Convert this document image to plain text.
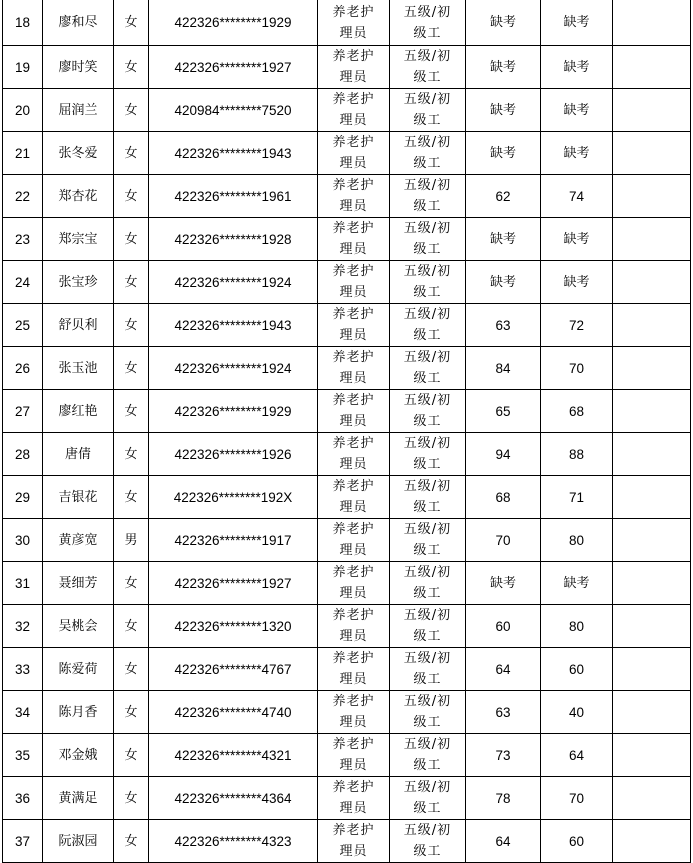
18	廖和尽	女	422326********1929	养老护理员	五级/初级工	缺考	缺考	
19	廖时笑	女	422326********1927	养老护理员	五级/初级工	缺考	缺考	
20	屈润兰	女	420984********7520	养老护理员	五级/初级工	缺考	缺考	
21	张冬爱	女	422326********1943	养老护理员	五级/初级工	缺考	缺考	
22	郑杏花	女	422326********1961	养老护理员	五级/初级工	62	74	
23	郑宗宝	女	422326********1928	养老护理员	五级/初级工	缺考	缺考	
24	张宝珍	女	422326********1924	养老护理员	五级/初级工	缺考	缺考	
25	舒贝利	女	422326********1943	养老护理员	五级/初级工	63	72	
26	张玉池	女	422326********1924	养老护理员	五级/初级工	84	70	
27	廖红艳	女	422326********1929	养老护理员	五级/初级工	65	68	
28	唐倩	女	422326********1926	养老护理员	五级/初级工	94	88	
29	吉银花	女	422326********192X	养老护理员	五级/初级工	68	71	
30	黄彦宽	男	422326********1917	养老护理员	五级/初级工	70	80	
31	聂细芳	女	422326********1927	养老护理员	五级/初级工	缺考	缺考	
32	吴桃会	女	422326********1320	养老护理员	五级/初级工	60	80	
33	陈爱荷	女	422326********4767	养老护理员	五级/初级工	64	60	
34	陈月香	女	422326********4740	养老护理员	五级/初级工	63	40	
35	邓金娥	女	422326********4321	养老护理员	五级/初级工	73	64	
36	黄满足	女	422326********4364	养老护理员	五级/初级工	78	70	
37	阮淑园	女	422326********4323	养老护理员	五级/初级工	64	60	
